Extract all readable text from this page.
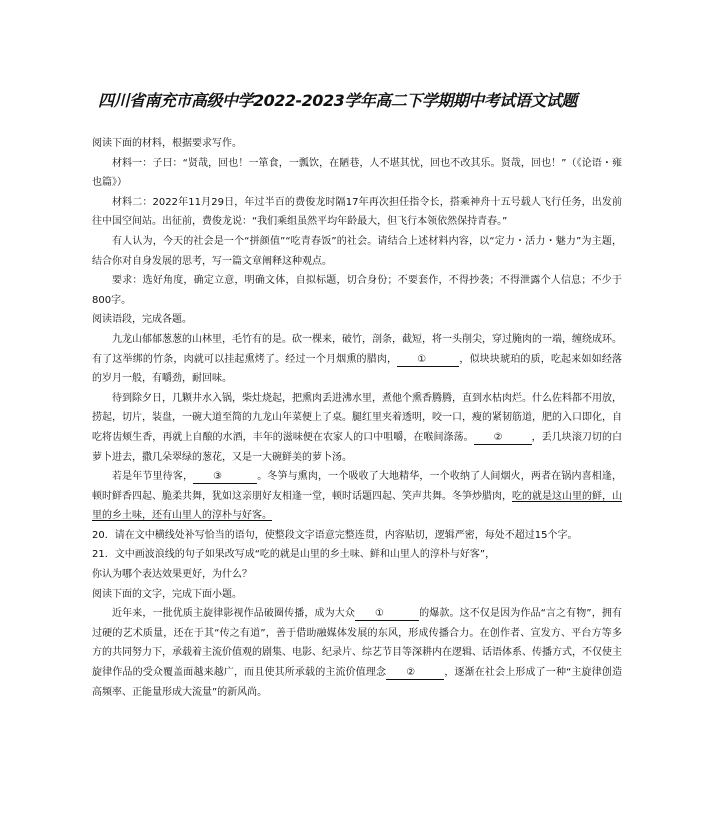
四川省南充市高级中学2022-2023学年高二下学期期中考试语文试题

阅读下面的材料，根据要求写作。

材料一：子曰：“贤哉，回也！一箪食，一瓢饮，在陋巷，人不堪其忧，回也不改其乐。贤哉，回也！”（《论语・雍也篇》）

材料二：2022年11月29日，年过半百的费俊龙时隔17年再次担任指令长，搭乘神舟十五号载人飞行任务，出发前往中国空间站。出征前，费俊龙说：“我们乘组虽然平均年龄最大，但飞行本领依然保持青春。”

有人认为，今天的社会是一个“拼颜值”“吃青春饭”的社会。请结合上述材料内容，以“定力・活力・魅力”为主题，结合你对自身发展的思考，写一篇文章阐释这种观点。

要求：选好角度，确定立意，明确文体，自拟标题，切合身份；不要套作，不得抄袭；不得泄露个人信息；不少于800字。

阅读语段，完成各题。

九龙山郁郁葱葱的山林里，毛竹有的是。砍一棵来，破竹，剖条，截短，将一头削尖，穿过腌肉的一端，缠绕成环。有了这举绑的竹条，肉就可以挂起熏烤了。经过一个月烟熏的腊肉， ①	，似块块琥珀的质，吃起来如如经落的岁月一般，有嚼劲，耐回味。

待到除夕日，几颗井水入锅，柴灶烧起，把熏肉丢进沸水里，煮他个熏香腾腾，直到水枯肉烂。什么佐料都不用放，捞起，切片，装盘，一碗大道至简的九龙山年菜便上了桌。腿红里夹着透明，咬一口，瘦的紧韧筋道，肥的入口即化，自吃将齿颊生香，再就上自酿的水酒，丰年的滋味便在农家人的口中咀嚼，在喉间涤荡。 ②	，丢几块滚刀切的白萝卜进去，撒几朵翠绿的葱花，又是一大碗鲜美的萝卜汤。

若是年节里待客， ③	。冬笋与熏肉，一个吸收了大地精华，一个收纳了人间烟火，两者在锅内喜相逢，顿时鲜香四起、脆柔共舞，犹如这亲朋好友相逢一堂，顿时话题四起、笑声共舞。冬笋炒腊肉，吃的就是这山里的鲜，山里的乡土味，还有山里人的淳朴与好客。

20．请在文中横线处补写恰当的语句，使整段文字语意完整连贯，内容贴切，逻辑严密，每处不超过15个字。

21．文中画波浪线的句子如果改写成“吃的就是山里的乡土味、鲜和山里人的淳朴与好客”，

你认为哪个表达效果更好，为什么？

阅读下面的文字，完成下面小题。

近年来，一批优质主旋律影视作品破圈传播，成为大众 ①	的爆款。这不仅是因为作品“言之有物”，拥有过硬的艺术质量，还在于其“传之有道”，善于借助融媒体发展的东风，形成传播合力。在创作者、宣发方、平台方等多方的共同努力下，承载着主流价值观的剧集、电影、纪录片、综艺节目等深耕内在逻辑、话语体系、传播方式，不仅使主旋律作品的受众覆盖面越来越广，而且使其所承载的主流价值理念 ②	，逐渐在社会上形成了一种“主旋律创造高频率、正能量形成大流量”的新风尚。
